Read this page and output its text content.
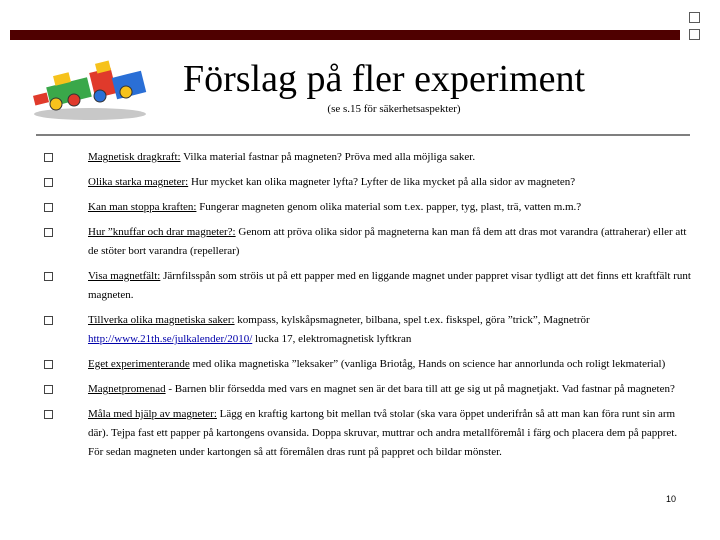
Förslag på fler experiment
(se s.15 för säkerhetsaspekter)
Magnetisk dragkraft: Vilka material fastnar på magneten? Pröva med alla möjliga saker.
Olika starka magneter: Hur mycket kan olika magneter lyfta? Lyfter de lika mycket på alla sidor av magneten?
Kan man stoppa kraften: Fungerar magneten genom olika material som t.ex. papper, tyg, plast, trä, vatten m.m.?
Hur ”knuffar och drar magneter?: Genom att pröva olika sidor på magneterna kan man få dem att dras mot varandra (attraherar) eller att de stöter bort varandra (repellerar)
Visa magnetfält: Järnfilsspån som ströis ut på ett papper med en liggande magnet under pappret visar tydligt att det finns ett kraftfält runt magneten.
Tillverka olika magnetiska saker: kompass, kylskåpsmagneter, bilbana, spel t.ex. fiskspel, göra ”trick”, Magnetrör http://www.21th.se/julkalender/2010/ lucka 17, elektromagnetisk lyftkran
Eget experimenterande med olika magnetiska ”leksaker” (vanliga Briotåg, Hands on science har annorlunda och roligt lekmaterial)
Magnetpromenad - Barnen blir försedda med vars en magnet sen är det bara till att ge sig ut på magnetjakt. Vad fastnar på magneten?
Måla med hjälp av magneter: Lägg en kraftig kartong bit mellan två stolar (ska vara öppet underifrån så att man kan föra runt sin arm där). Tejpa fast ett papper på kartongens ovansida. Doppa skruvar, muttrar och andra metallföremål i färg och placera dem på pappret. För sedan magneten under kartongen så att föremålen dras runt på pappret och bildar mönster.
10
